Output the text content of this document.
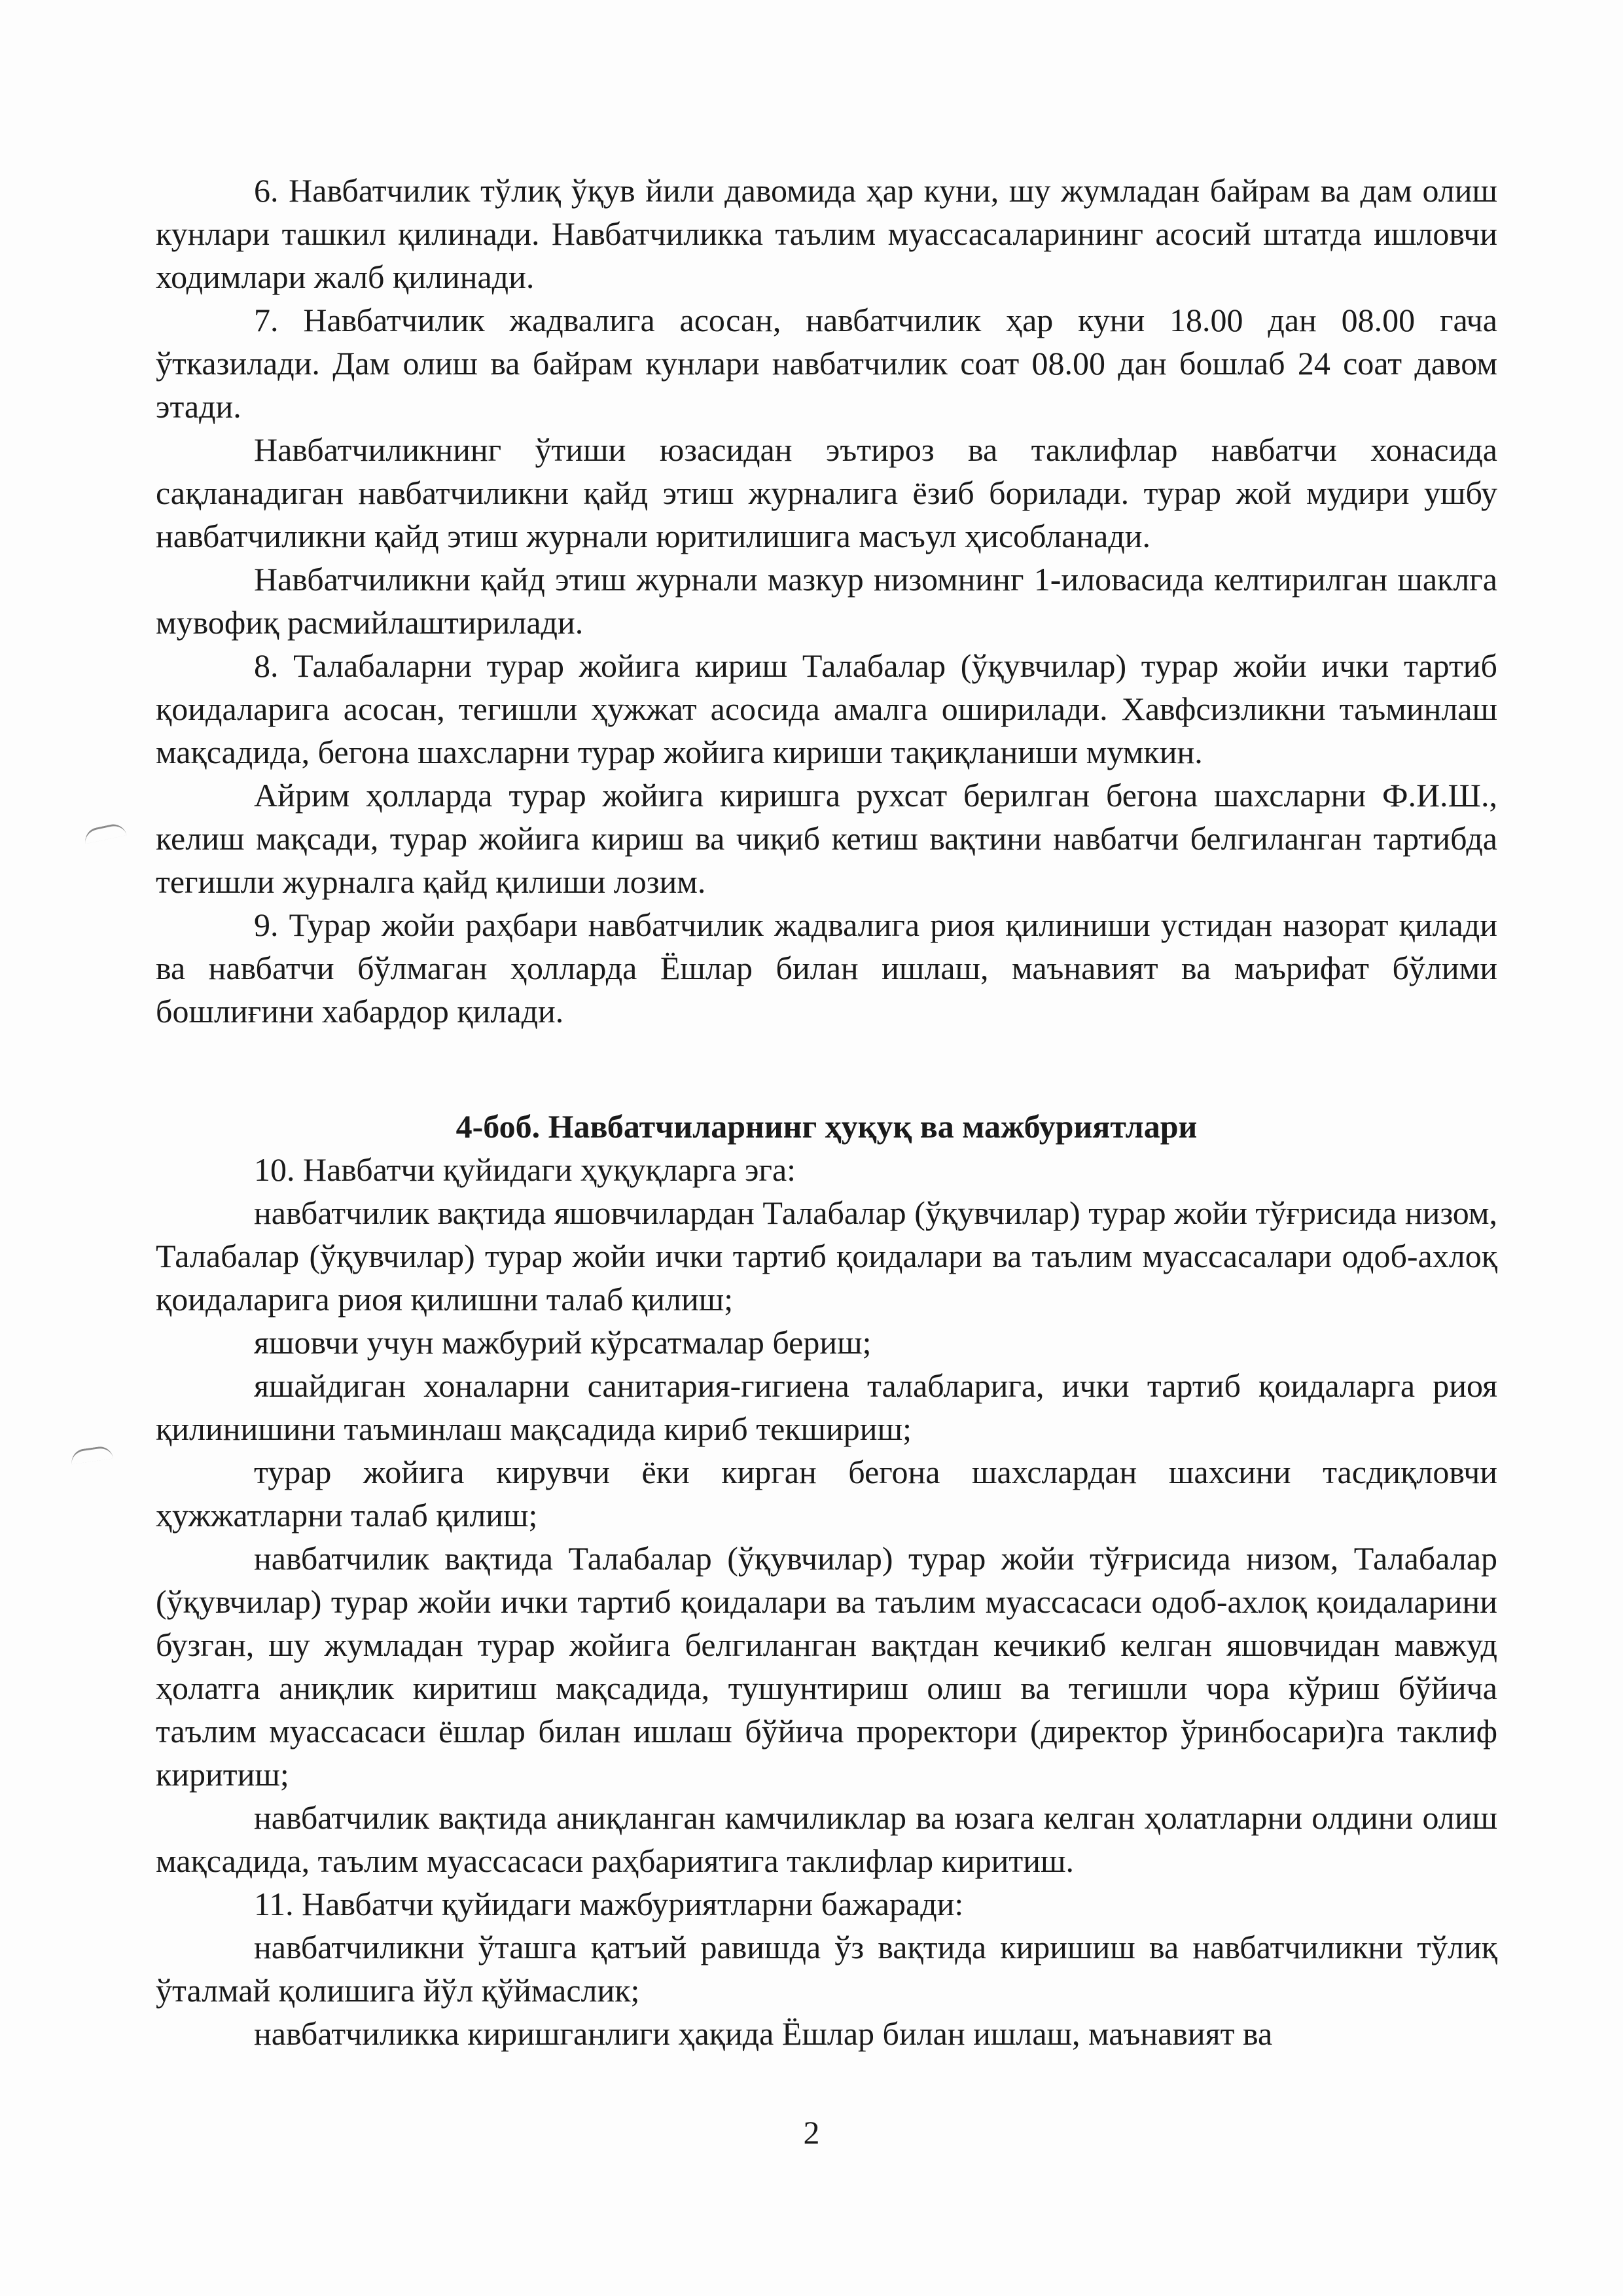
6. Навбатчилик тўлиқ ўқув йили давомида ҳар куни, шу жумладан байрам ва дам олиш кунлари ташкил қилинади. Навбатчиликка таълим муассасаларининг асосий штатда ишловчи ходимлари жалб қилинади.

7. Навбатчилик жадвалига асосан, навбатчилик ҳар куни 18.00 дан 08.00 гача ўтказилади. Дам олиш ва байрам кунлари навбатчилик соат 08.00 дан бошлаб 24 соат давом этади.

Навбатчиликнинг ўтиши юзасидан эътироз ва таклифлар навбатчи хонасида сақланадиган навбатчиликни қайд этиш журналига ёзиб борилади. турар жой мудири ушбу навбатчиликни қайд этиш журнали юритилишига масъул ҳисобланади.

Навбатчиликни қайд этиш журнали мазкур низомнинг 1-иловасида келтирилган шаклга мувофиқ расмийлаштирилади.

8. Талабаларни турар жойига кириш Талабалар (ўқувчилар) турар жойи ички тартиб қоидаларига асосан, тегишли ҳужжат асосида амалга оширилади. Хавфсизликни таъминлаш мақсадида, бегона шахсларни турар жойига кириши тақиқланиши мумкин.

Айрим ҳолларда турар жойига киришга рухсат берилган бегона шахсларни Ф.И.Ш., келиш мақсади, турар жойига кириш ва чиқиб кетиш вақтини навбатчи белгиланган тартибда тегишли журналга қайд қилиши лозим.

9. Турар жойи раҳбари навбатчилик жадвалига риоя қилиниши устидан назорат қилади ва навбатчи бўлмаган ҳолларда Ёшлар билан ишлаш, маънавият ва маърифат бўлими бошлиғини хабардор қилади.

4-боб. Навбатчиларнинг ҳуқуқ ва мажбуриятлари

10. Навбатчи қуйидаги ҳуқуқларга эга:

навбатчилик вақтида яшовчилардан Талабалар (ўқувчилар) турар жойи тўғрисида низом, Талабалар (ўқувчилар) турар жойи ички тартиб қоидалари ва таълим муассасалари одоб-ахлоқ қоидаларига риоя қилишни талаб қилиш;

яшовчи учун мажбурий кўрсатмалар бериш;

яшайдиган хоналарни санитария-гигиена талабларига, ички тартиб қоидаларга риоя қилинишини таъминлаш мақсадида кириб текшириш;

турар жойига кирувчи ёки кирган бегона шахслардан шахсини тасдиқловчи ҳужжатларни талаб қилиш;

навбатчилик вақтида Талабалар (ўқувчилар) турар жойи тўғрисида низом, Талабалар (ўқувчилар) турар жойи ички тартиб қоидалари ва таълим муассасаси одоб-ахлоқ қоидаларини бузган, шу жумладан турар жойига белгиланган вақтдан кечикиб келган яшовчидан мавжуд ҳолатга аниқлик киритиш мақсадида, тушунтириш олиш ва тегишли чора кўриш бўйича таълим муассасаси ёшлар билан ишлаш бўйича проректори (директор ўринбосари)га таклиф киритиш;

навбатчилик вақтида аниқланган камчиликлар ва юзага келган ҳолатларни олдини олиш мақсадида, таълим муассасаси раҳбариятига таклифлар киритиш.

11. Навбатчи қуйидаги мажбуриятларни бажаради:

навбатчиликни ўташга қатъий равишда ўз вақтида киришиш ва навбатчиликни тўлиқ ўталмай қолишига йўл қўймаслик;

навбатчиликка киришганлиги ҳақида Ёшлар билан ишлаш, маънавият ва

2
